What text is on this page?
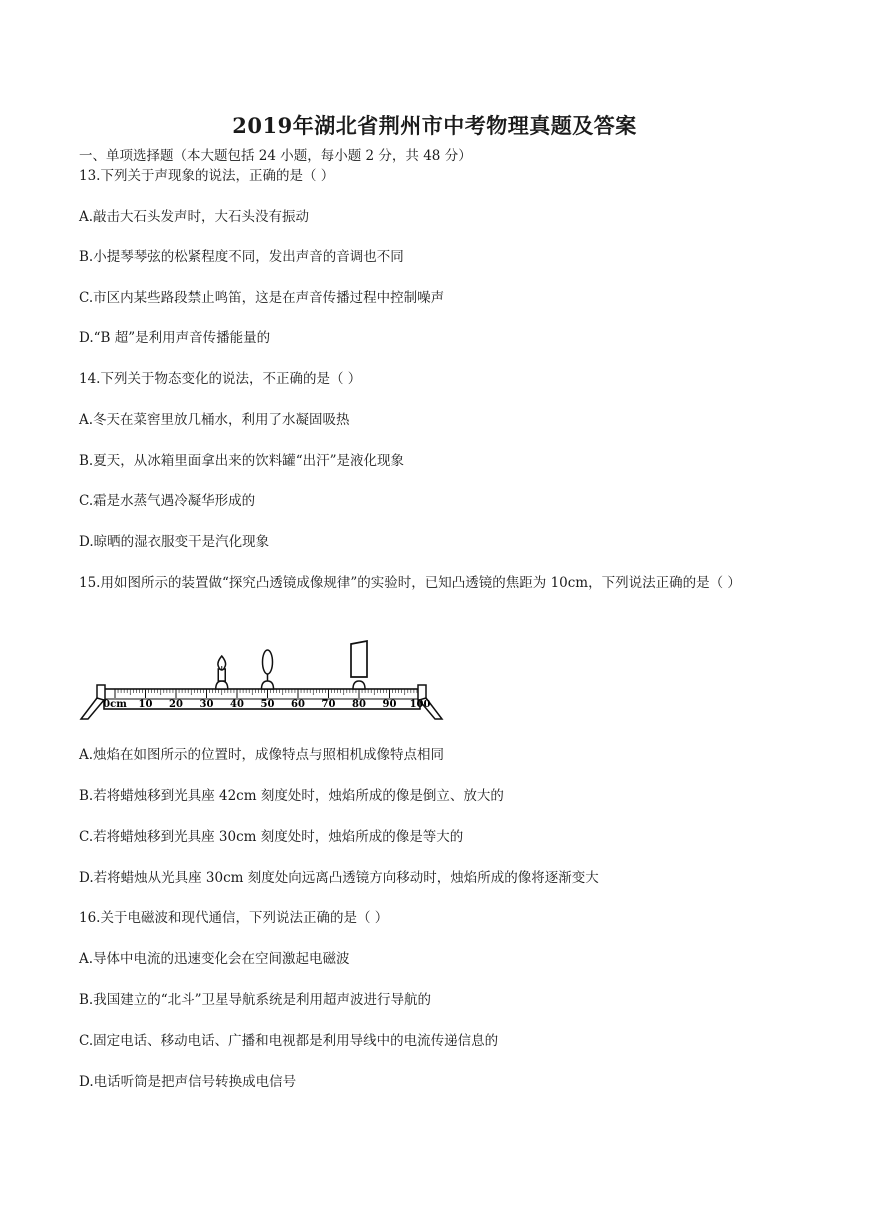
2019年湖北省荆州市中考物理真题及答案
一、单项选择题（本大题包括 24 小题，每小题 2 分，共 48 分）
13.下列关于声现象的说法，正确的是（ ）
A.敲击大石头发声时，大石头没有振动
B.小提琴琴弦的松紧程度不同，发出声音的音调也不同
C.市区内某些路段禁止鸣笛，这是在声音传播过程中控制噪声
D.“B 超”是利用声音传播能量的
14.下列关于物态变化的说法，不正确的是（ ）
A.冬天在菜窖里放几桶水，利用了水凝固吸热
B.夏天，从冰箱里面拿出来的饮料罐“出汗”是液化现象
C.霜是水蒸气遇冷凝华形成的
D.晾晒的湿衣服变干是汽化现象
15.用如图所示的装置做“探究凸透镜成像规律”的实验时，已知凸透镜的焦距为 10cm，下列说法正确的是（ ）
0cm 10 20 30 40 50 60 70 80 90 100
A.烛焰在如图所示的位置时，成像特点与照相机成像特点相同
B.若将蜡烛移到光具座 42cm 刻度处时，烛焰所成的像是倒立、放大的
C.若将蜡烛移到光具座 30cm 刻度处时，烛焰所成的像是等大的
D.若将蜡烛从光具座 30cm 刻度处向远离凸透镜方向移动时，烛焰所成的像将逐渐变大
16.关于电磁波和现代通信，下列说法正确的是（ ）
A.导体中电流的迅速变化会在空间激起电磁波
B.我国建立的“北斗”卫星导航系统是利用超声波进行导航的
C.固定电话、移动电话、广播和电视都是利用导线中的电流传递信息的
D.电话听筒是把声信号转换成电信号
